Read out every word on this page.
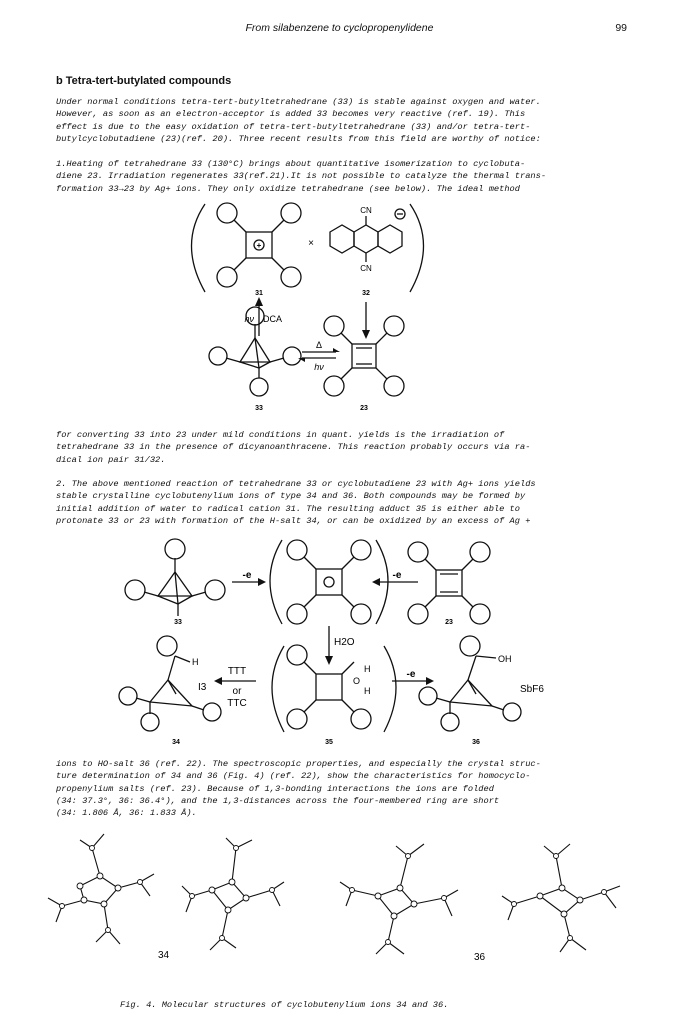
From silabenzene to cyclopropenylidene	99
b Tetra-tert-butylated compounds
Under normal conditions tetra-tert-butyltetrahedrane (33) is stable against oxygen and water.
However, as soon as an electron-acceptor is added 33 becomes very reactive (ref. 19). This
effect is due to the easy oxidation of tetra-tert-butyltetrahedrane (33) and/or tetra-tert-
butylcyclobutadiene (23)(ref. 20). Three recent results from this field are worthy of notice:
1.Heating of tetrahedrane 33 (130°C) brings about quantitative isomerization to cyclobuta-
diene 23. Irradiation regenerates 33(ref.21).It is not possible to catalyze the thermal trans-
formation 33→23 by Ag+ ions. They only oxidize tetrahedrane (see below). The ideal method
+
31	32
×
CN
CN
hν DCA
Δ
hν
33	23
for converting 33 into 23 under mild conditions in quant. yields is the irradiation of
tetrahedrane 33 in the presence of dicyanoanthracene. This reaction probably occurs via ra-
dical ion pair 31/32.
2. The above mentioned reaction of tetrahedrane 33 or cyclobutadiene 23 with Ag+ ions yields
stable crystalline cyclobutenylium ions of type 34 and 36. Both compounds may be formed by
initial addition of water to radical cation 31. The resulting adduct 35 is either able to
protonate 33 or 23 with formation of the H-salt 34, or can be oxidized by an excess of Ag +
-e	-e
-e
33	23
H2O
I3
TTT
or
TTC
H
O
H
H
OH
SbF6
34	35	36
ions to HO-salt 36 (ref. 22). The spectroscopic properties, and especially the crystal struc-
ture determination of 34 and 36 (Fig. 4) (ref. 22), show the characteristics for homocyclo-
propenylium salts (ref. 23). Because of 1,3-bonding interactions the ions are folded
(34: 37.3°, 36: 36.4°), and the 1,3-distances across the four-membered ring are short
(34: 1.806 Å, 36: 1.833 Å).
34	36
Fig. 4. Molecular structures of cyclobutenylium ions 34 and 36.
